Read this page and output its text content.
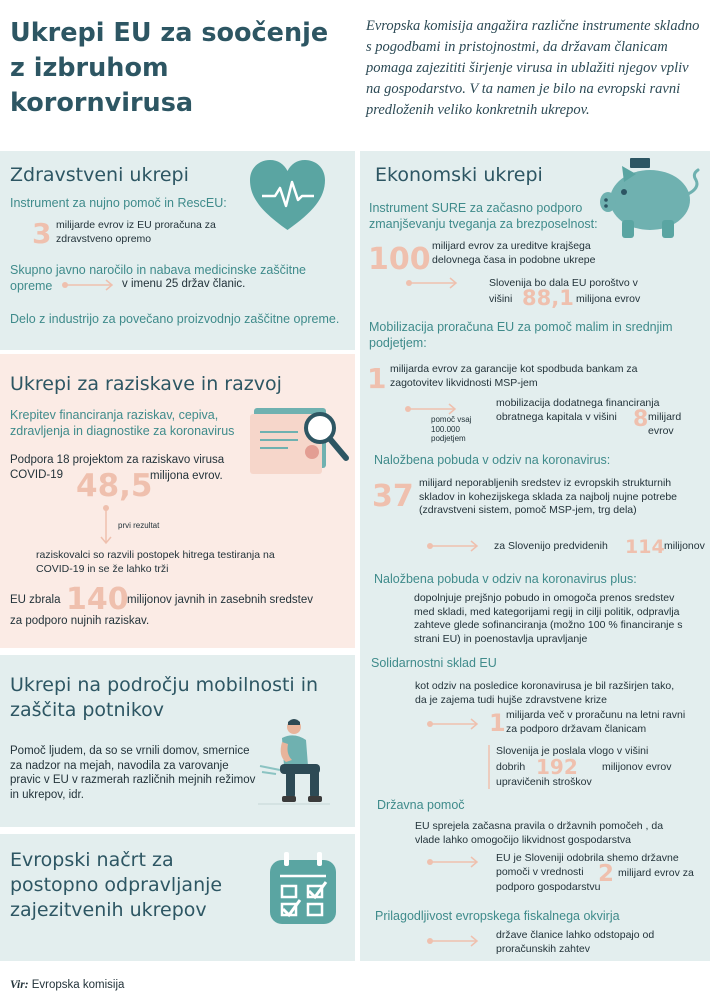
Ukrepi EU za soočenje
z izbruhom
korornvirusa
Evropska komisija angažira različne instrumente skladno s pogodbami in pristojnostmi, da državam članicam pomaga zajezititi širjenje virusa in ublažiti njegov vpliv na gospodarstvo. V ta namen je bilo na evropski ravni predloženih veliko konkretnih ukrepov.
Zdravstveni ukrepi
Instrument za nujno pomoč in RescEU:
3 milijarde evrov iz EU proračuna za zdravstveno opremo
Skupno javno naročilo in nabava medicinske zaščitne opreme	v imenu 25 držav članic.
Delo z industrijo za povečano proizvodnjo zaščitne opreme.
Ukrepi za raziskave in razvoj
Krepitev financiranja raziskav, cepiva, zdravljenja in diagnostike za koronavirus
Podpora 18 projektom za raziskavo virusa COVID-19 48,5
milijona evrov.
prvi rezultat
raziskovalci so razvili postopek hitrega testiranja na COVID-19 in se že lahko trži
EU zbrala 140
milijonov javnih in zasebnih sredstev
za podporo nujnih raziskav.
Ukrepi na področju mobilnosti in zaščita potnikov
Pomoč ljudem, da so se vrnili domov, smernice za nadzor na mejah, navodila za varovanje pravic v EU v razmerah različnih mejnih režimov in ukrepov, idr.
Evropski načrt za postopno odpravljanje zajezitvenih ukrepov
Ekonomski ukrepi
Instrument SURE za začasno podporo zmanjševanju tveganja za brezposelnost:
100 milijard evrov za ureditve krajšega delovnega časa in podobne ukrepe
Slovenija bo dala EU poroštvo v
višini 88,1 milijona evrov
Mobilizacija proračuna EU za pomoč malim in srednjim podjetjem:
1 milijarda evrov za garancije kot spodbuda bankam za zagotovitev likvidnosti MSP-jem
pomoč vsaj 100.000 podjetjem
mobilizacija dodatnega financiranja obratnega kapitala v višini 8 milijard evrov
Naložbena pobuda v odziv na koronavirus:
37 milijard neporabljenih sredstev iz evropskih strukturnih skladov in kohezijskega sklada za najbolj nujne potrebe (zdravstveni sistem, pomoč MSP-jem, trg dela)
za Slovenijo predvidenih 114 milijonov
Naložbena pobuda v odziv na koronavirus plus:
dopolnjuje prejšnjo pobudo in omogoča prenos sredstev med skladi, med kategorijami regij in cilji politik, odpravlja zahteve glede sofinanciranja (možno 100 % financiranje s strani EU) in poenostavlja upravljanje
Solidarnostni sklad EU
kot odziv na posledice koronavirusa je bil razširjen tako, da je zajema tudi hujše zdravstvene krize
1 milijarda več v proračunu na letni ravni za podporo državam članicam
Slovenija je poslala vlogo v višini
dobrih 192 milijonov evrov
upravičenih stroškov
Državna pomoč
EU sprejela začasna pravila o državnih pomočeh , da vlade lahko omogočijo likvidnost gospodarstva
EU je Sloveniji odobrila shemo državne pomoči v vrednosti 2 milijard evrov za podporo gospodarstvu
Prilagodljivost evropskega fiskalnega okvirja
države članice lahko odstopajo od proračunskih zahtev
Vir: Evropska komisija
